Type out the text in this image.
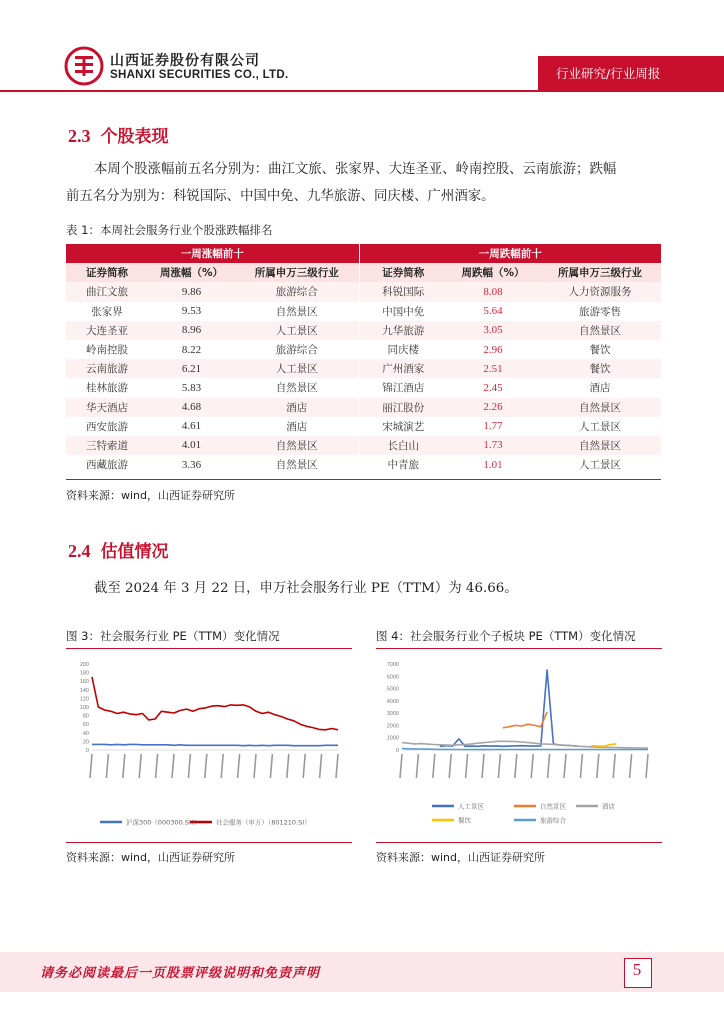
山西证券股份有限公司
SHANXI SECURITIES CO., LTD.	行业研究/行业周报
2.3 个股表现
本周个股涨幅前五名分别为：曲江文旅、张家界、大连圣亚、岭南控股、云南旅游；跌幅
前五名分为别为：科锐国际、中国中免、九华旅游、同庆楼、广州酒家。
表 1：本周社会服务行业个股涨跌幅排名
一周涨幅前十			一周跌幅前十		
证券简称	周涨幅（%）	所属申万三级行业	证券简称	周跌幅（%）	所属申万三级行业
曲江文旅	9.86	旅游综合	科锐国际	8.08	人力资源服务
张家界	9.53	自然景区	中国中免	5.64	旅游零售
大连圣亚	8.96	人工景区	九华旅游	3.05	自然景区
岭南控股	8.22	旅游综合	同庆楼	2.96	餐饮
云南旅游	6.21	人工景区	广州酒家	2.51	餐饮
桂林旅游	5.83	自然景区	锦江酒店	2.45	酒店
华天酒店	4.68	酒店	丽江股份	2.26	自然景区
西安旅游	4.61	酒店	宋城演艺	1.77	人工景区
三特索道	4.01	自然景区	长白山	1.73	自然景区
西藏旅游	3.36	自然景区	中青旅	1.01	人工景区
资料来源：wind，山西证券研究所
2.4 估值情况
截至 2024 年 3 月 22 日，申万社会服务行业 PE（TTM）为 46.66。
图 3：社会服务行业 PE（TTM）变化情况
0
20
40
60
80
100
120
140
160
180
200
沪深300（000300.SH） 社会服务（申万）（801210.SI）
资料来源：wind，山西证券研究所
图 4：社会服务行业个子板块 PE（TTM）变化情况
0
1000
2000
3000
4000
5000
6000
7000
人工景区	自然景区	酒店
餐饮	旅游综合
资料来源：wind，山西证券研究所
请务必阅读最后一页股票评级说明和免责声明	5
